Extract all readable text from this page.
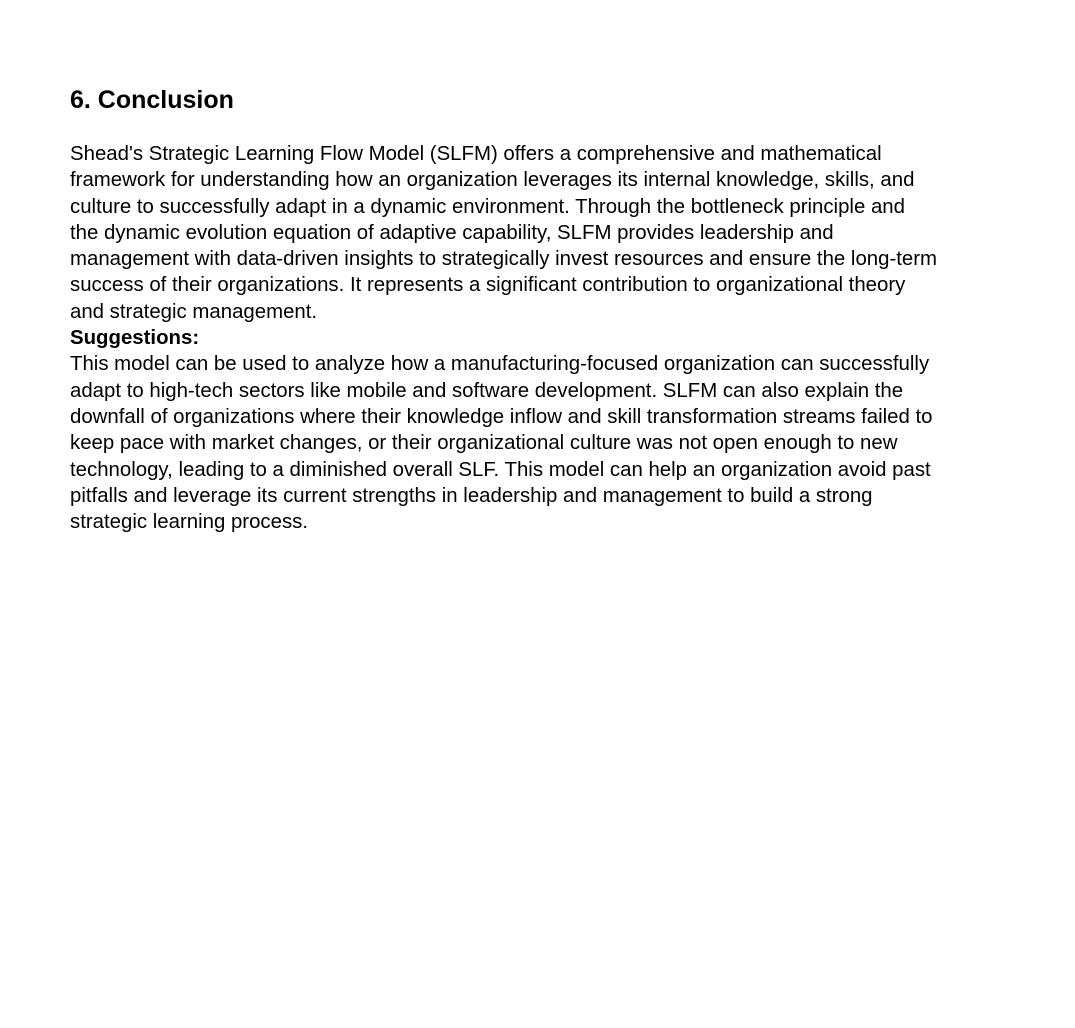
6. Conclusion
Shead's Strategic Learning Flow Model (SLFM) offers a comprehensive and mathematical
framework for understanding how an organization leverages its internal knowledge, skills, and
culture to successfully adapt in a dynamic environment. Through the bottleneck principle and
the dynamic evolution equation of adaptive capability, SLFM provides leadership and
management with data-driven insights to strategically invest resources and ensure the long-term
success of their organizations. It represents a significant contribution to organizational theory
and strategic management.
Suggestions:
This model can be used to analyze how a manufacturing-focused organization can successfully
adapt to high-tech sectors like mobile and software development. SLFM can also explain the
downfall of organizations where their knowledge inflow and skill transformation streams failed to
keep pace with market changes, or their organizational culture was not open enough to new
technology, leading to a diminished overall SLF. This model can help an organization avoid past
pitfalls and leverage its current strengths in leadership and management to build a strong
strategic learning process.
